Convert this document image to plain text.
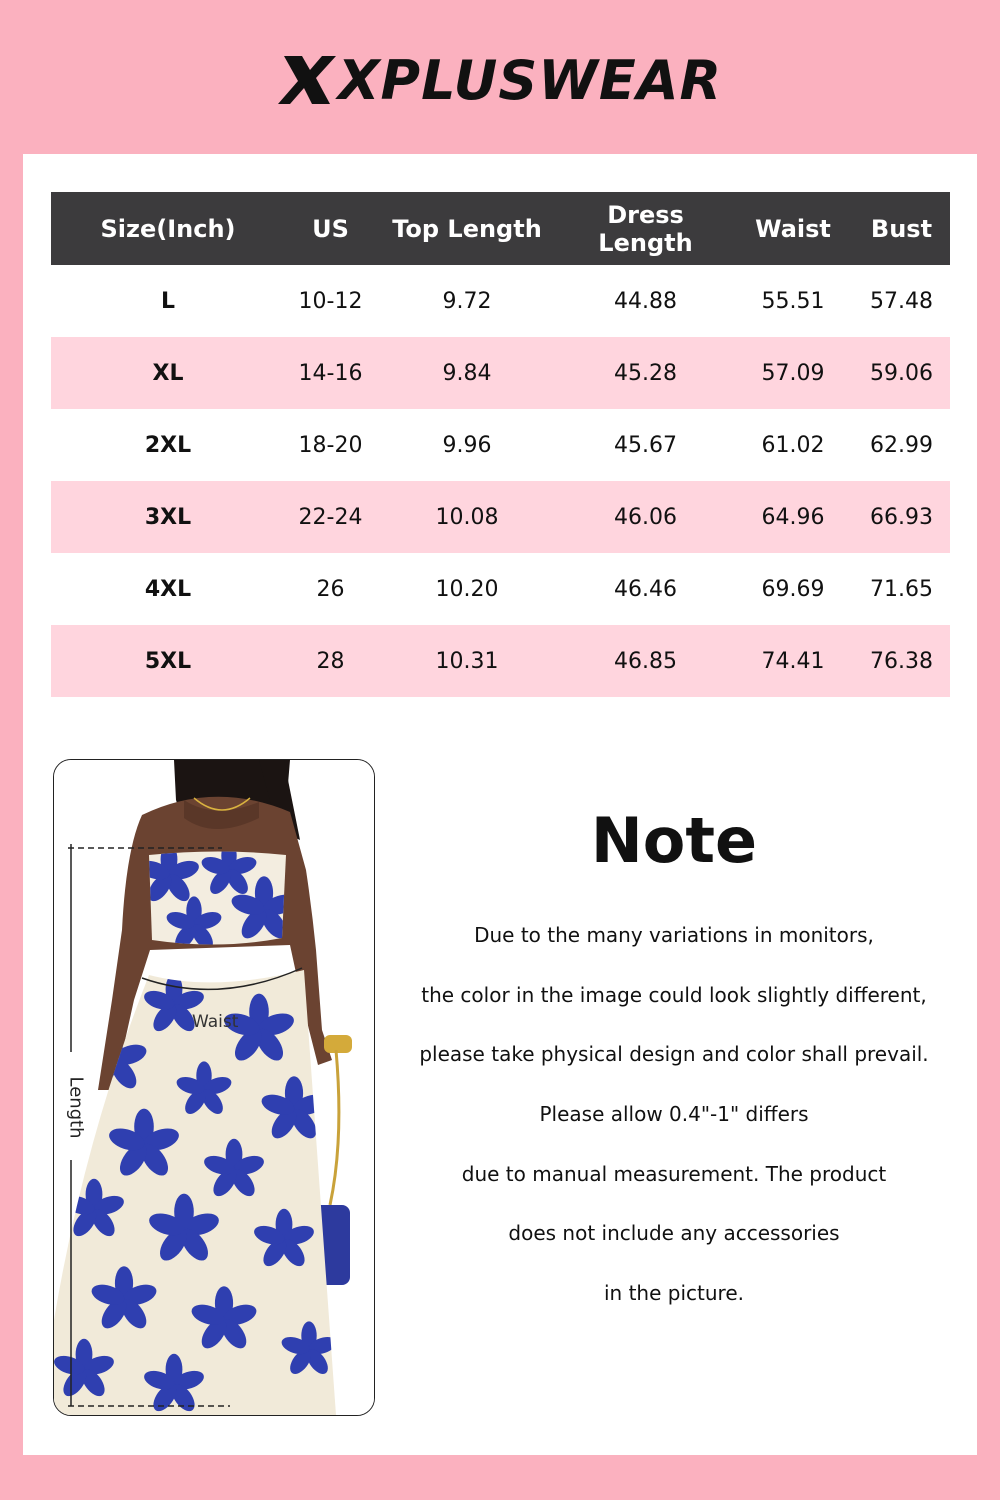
XPLUSWEAR
Size(Inch)	US	Top Length	Dress Length	Waist	Bust
L	10-12	9.72	44.88	55.51	57.48
XL	14-16	9.84	45.28	57.09	59.06
2XL	18-20	9.96	45.67	61.02	62.99
3XL	22-24	10.08	46.06	64.96	66.93
4XL	26	10.20	46.46	69.69	71.65
5XL	28	10.31	46.85	74.41	76.38
Waist
Length
Note
Due to the many variations in monitors,
the color in the image could look slightly different,
please take physical design and color shall prevail.
Please allow 0.4"-1" differs
due to manual measurement. The product
does not include any accessories
in the picture.
